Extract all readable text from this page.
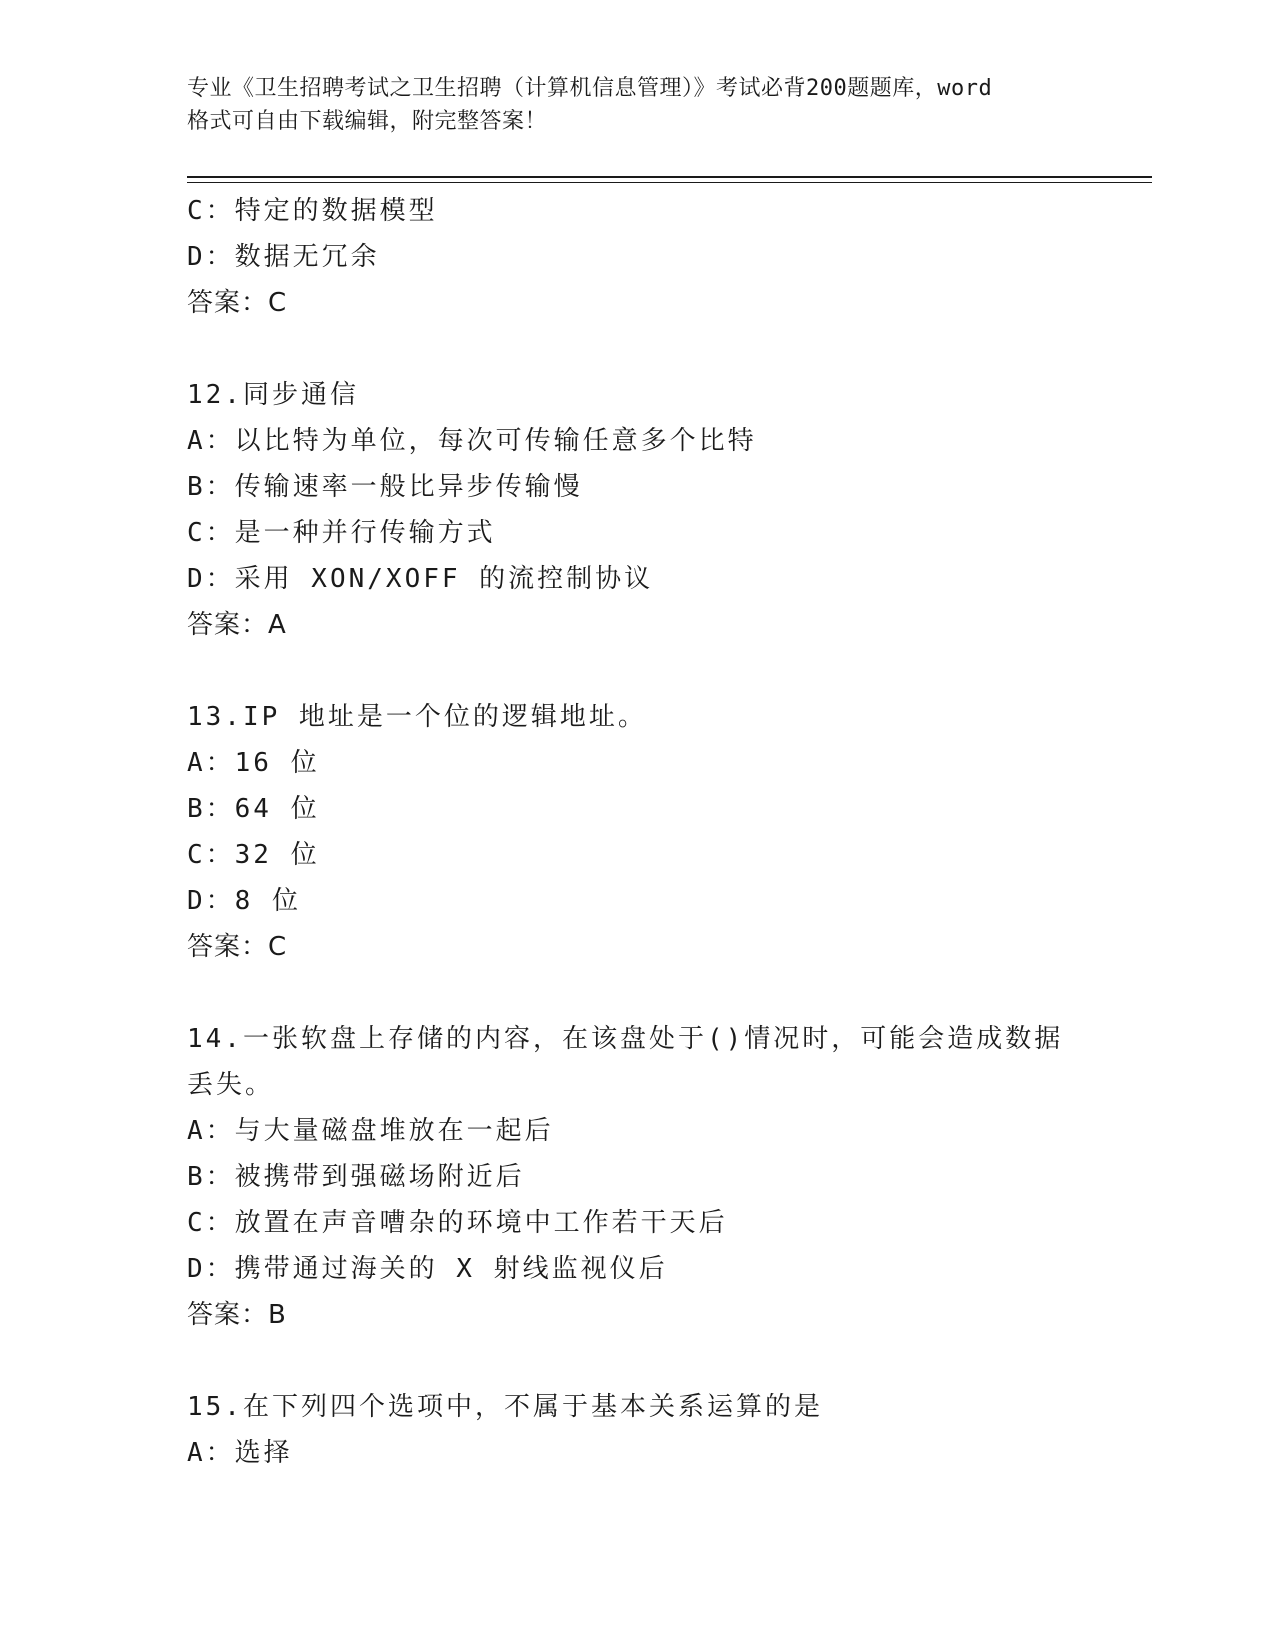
专业《卫生招聘考试之卫生招聘（计算机信息管理）》考试必背200题题库，word
格式可自由下载编辑，附完整答案！
C：特定的数据模型
D：数据无冗余
答案：C
12.同步通信
A：以比特为单位，每次可传输任意多个比特
B：传输速率一般比异步传输慢
C：是一种并行传输方式
D：采用 XON/XOFF 的流控制协议
答案：A
13.IP 地址是一个位的逻辑地址。
A：16 位
B：64 位
C：32 位
D：8 位
答案：C
14.一张软盘上存储的内容，在该盘处于()情况时，可能会造成数据丢失。
A：与大量磁盘堆放在一起后
B：被携带到强磁场附近后
C：放置在声音嘈杂的环境中工作若干天后
D：携带通过海关的 X 射线监视仪后
答案：B
15.在下列四个选项中，不属于基本关系运算的是
A：选择
